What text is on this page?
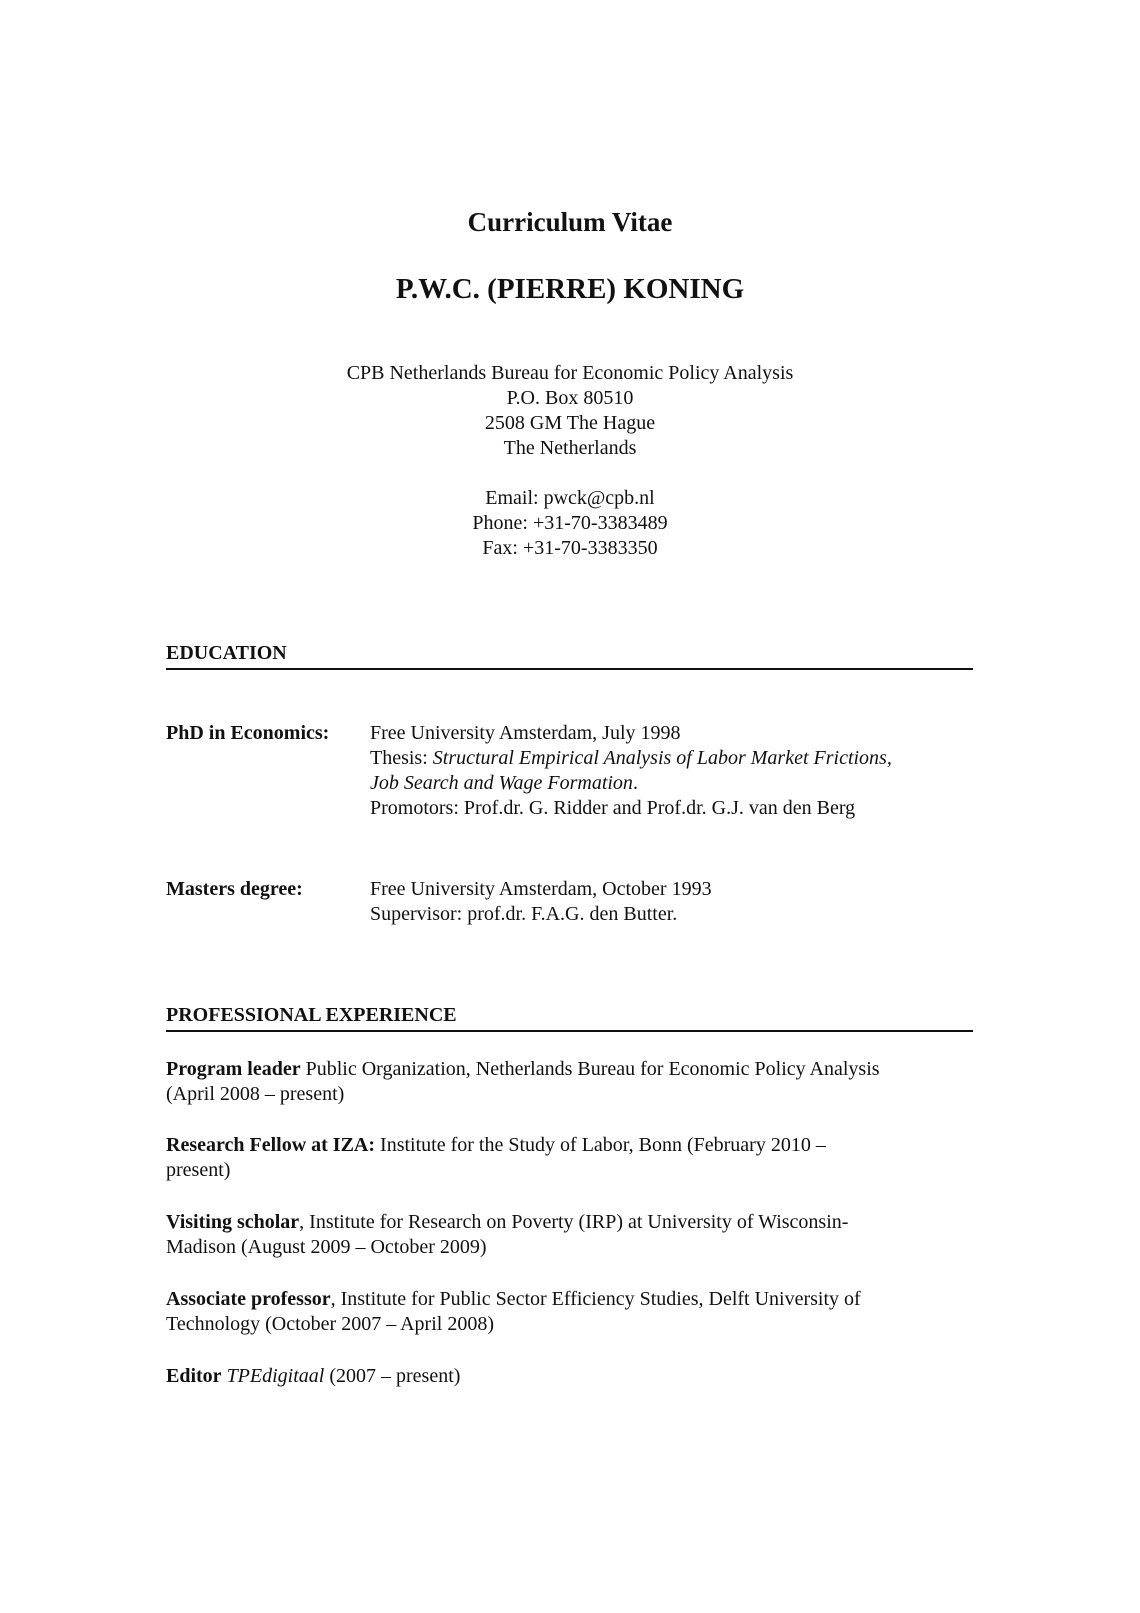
Curriculum Vitae
P.W.C. (PIERRE) KONING
CPB Netherlands Bureau for Economic Policy Analysis
P.O. Box 80510
2508 GM The Hague
The Netherlands
Email: pwck@cpb.nl
Phone: +31-70-3383489
Fax: +31-70-3383350
EDUCATION
PhD in Economics: Free University Amsterdam, July 1998
Thesis: Structural Empirical Analysis of Labor Market Frictions,
Job Search and Wage Formation.
Promotors: Prof.dr. G. Ridder and Prof.dr. G.J. van den Berg
Masters degree:	Free University Amsterdam, October 1993
Supervisor: prof.dr. F.A.G. den Butter.
PROFESSIONAL EXPERIENCE
Program leader Public Organization, Netherlands Bureau for Economic Policy Analysis
(April 2008 – present)
Research Fellow at IZA: Institute for the Study of Labor, Bonn (February 2010 –
present)
Visiting scholar, Institute for Research on Poverty (IRP) at University of Wisconsin-
Madison (August 2009 – October 2009)
Associate professor, Institute for Public Sector Efficiency Studies, Delft University of
Technology (October 2007 – April 2008)
Editor TPEdigitaal (2007 – present)
